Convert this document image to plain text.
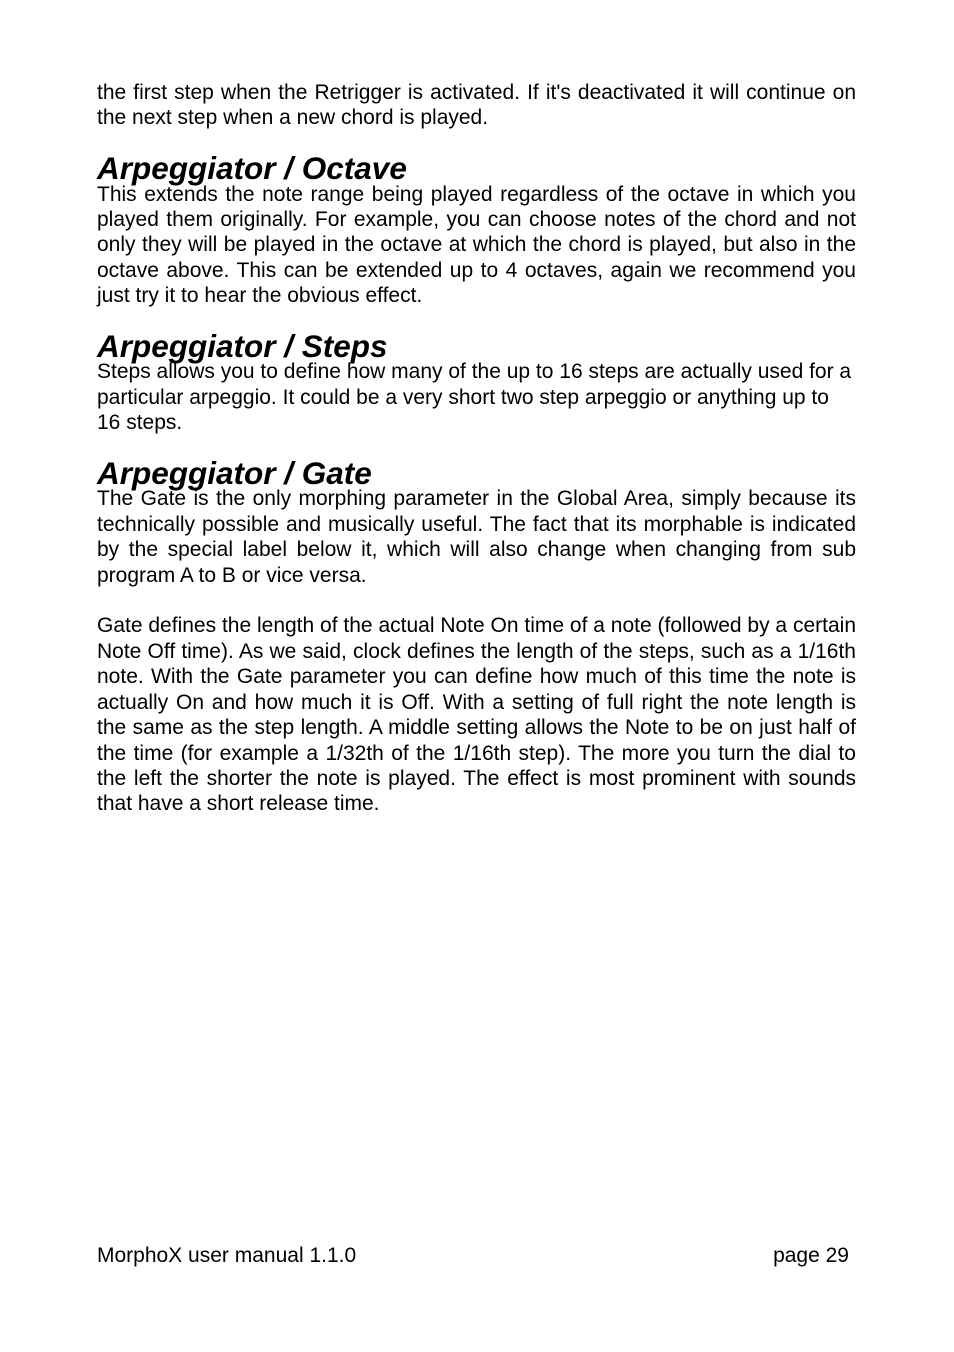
the first step when the Retrigger is activated. If it's deactivated it will continue on the next step when a new chord is played.

Arpeggiator / Octave

This extends the note range being played regardless of the octave in which you played them originally. For example, you can choose notes of the chord and not only they will be played in the octave at which the chord is played, but also in the octave above. This can be extended up to 4 octaves, again we recommend you just try it to hear the obvious effect.

Arpeggiator / Steps

Steps allows you to define how many of the up to 16 steps are actually used for a particular arpeggio. It could be a very short two step arpeggio or anything up to 16 steps.

Arpeggiator / Gate

The Gate is the only morphing parameter in the Global Area, simply because its technically possible and musically useful. The fact that its morphable is indicated by the special label below it, which will also change when changing from sub program A to B or vice versa.

Gate defines the length of the actual Note On time of a note (followed by a certain Note Off time). As we said, clock defines the length of the steps, such as a 1/16th note. With the Gate parameter you can define how much of this time the note is actually On and how much it is Off. With a setting of full right the note length is the same as the step length. A middle setting allows the Note to be on just half of the time (for example a 1/32th of the 1/16th step). The more you turn the dial to the left the shorter the note is played. The effect is most prominent with sounds that have a short release time.

MorphoX user manual 1.1.0	page 29
